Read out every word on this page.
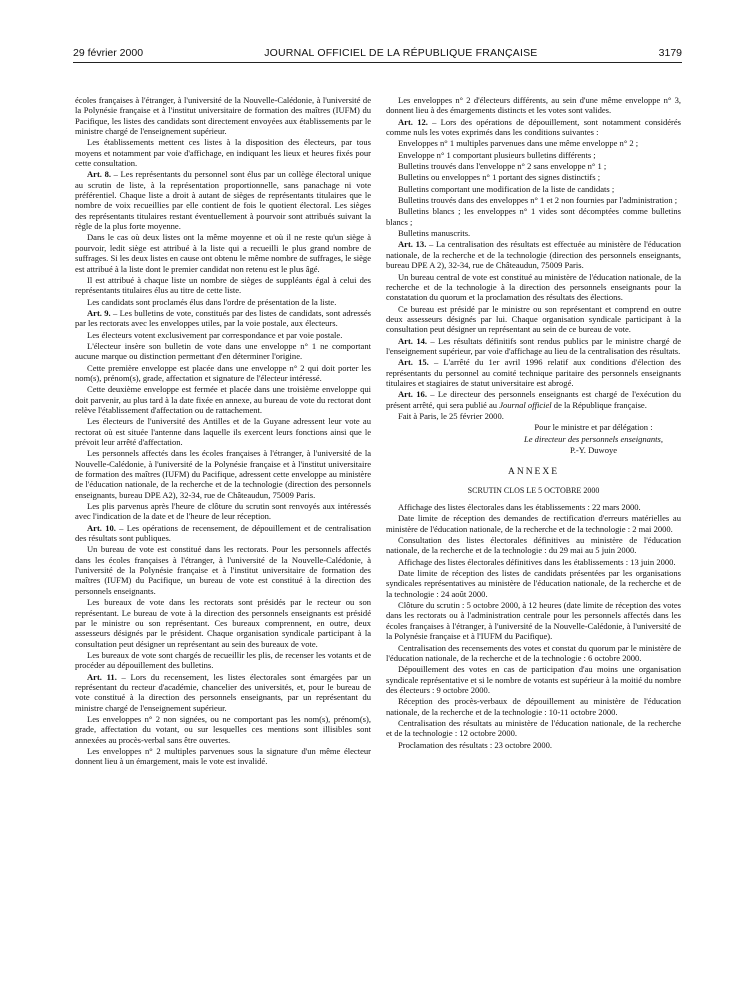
29 février 2000	JOURNAL OFFICIEL DE LA RÉPUBLIQUE FRANÇAISE	3179

écoles françaises à l'étranger, à l'université de la Nouvelle-Calédonie, à l'université de la Polynésie française et à l'institut universitaire de formation des maîtres (IUFM) du Pacifique, les listes des candidats sont directement envoyées aux établissements par le ministre chargé de l'enseignement supérieur.

Les établissements mettent ces listes à la disposition des électeurs, par tous moyens et notamment par voie d'affichage, en indiquant les lieux et heures fixés pour cette consultation.

Art. 8. – Les représentants du personnel sont élus par un collège électoral unique au scrutin de liste, à la représentation proportionnelle, sans panachage ni vote préférentiel. Chaque liste a droit à autant de sièges de représentants titulaires que le nombre de voix recueillies par elle contient de fois le quotient électoral. Les sièges des représentants titulaires restant éventuellement à pourvoir sont attribués suivant la règle de la plus forte moyenne.

Dans le cas où deux listes ont la même moyenne et où il ne reste qu'un siège à pourvoir, ledit siège est attribué à la liste qui a recueilli le plus grand nombre de suffrages. Si les deux listes en cause ont obtenu le même nombre de suffrages, le siège est attribué à la liste dont le premier candidat non retenu est le plus âgé.

Il est attribué à chaque liste un nombre de sièges de suppléants égal à celui des représentants titulaires élus au titre de cette liste.

Les candidats sont proclamés élus dans l'ordre de présentation de la liste.

Art. 9. – Les bulletins de vote, constitués par des listes de candidats, sont adressés par les rectorats avec les enveloppes utiles, par la voie postale, aux électeurs.

Les électeurs votent exclusivement par correspondance et par voie postale.

L'électeur insère son bulletin de vote dans une enveloppe n° 1 ne comportant aucune marque ou distinction permettant d'en déterminer l'origine.

Cette première enveloppe est placée dans une enveloppe n° 2 qui doit porter les nom(s), prénom(s), grade, affectation et signature de l'électeur intéressé.

Cette deuxième enveloppe est fermée et placée dans une troisième enveloppe qui doit parvenir, au plus tard à la date fixée en annexe, au bureau de vote du rectorat dont relève l'établissement d'affectation ou de rattachement.

Les électeurs de l'université des Antilles et de la Guyane adressent leur vote au rectorat où est située l'antenne dans laquelle ils exercent leurs fonctions ainsi que le prévoit leur arrêté d'affectation.

Les personnels affectés dans les écoles françaises à l'étranger, à l'université de la Nouvelle-Calédonie, à l'université de la Polynésie française et à l'institut universitaire de formation des maîtres (IUFM) du Pacifique, adressent cette enveloppe au ministère de l'éducation nationale, de la recherche et de la technologie (direction des personnels enseignants, bureau DPE A2), 32-34, rue de Châteaudun, 75009 Paris.

Les plis parvenus après l'heure de clôture du scrutin sont renvoyés aux intéressés avec l'indication de la date et de l'heure de leur réception.

Art. 10. – Les opérations de recensement, de dépouillement et de centralisation des résultats sont publiques.

Un bureau de vote est constitué dans les rectorats. Pour les personnels affectés dans les écoles françaises à l'étranger, à l'université de la Nouvelle-Calédonie, à l'université de la Polynésie française et à l'institut universitaire de formation des maîtres (IUFM) du Pacifique, un bureau de vote est constitué à la direction des personnels enseignants.

Les bureaux de vote dans les rectorats sont présidés par le recteur ou son représentant. Le bureau de vote à la direction des personnels enseignants est présidé par le ministre ou son représentant. Ces bureaux comprennent, en outre, deux assesseurs désignés par le président. Chaque organisation syndicale participant à la consultation peut désigner un représentant au sein des bureaux de vote.

Les bureaux de vote sont chargés de recueillir les plis, de recenser les votants et de procéder au dépouillement des bulletins.

Art. 11. – Lors du recensement, les listes électorales sont émargées par un représentant du recteur d'académie, chancelier des universités, et, pour le bureau de vote constitué à la direction des personnels enseignants, par un représentant du ministre chargé de l'enseignement supérieur.

Les enveloppes n° 2 non signées, ou ne comportant pas les nom(s), prénom(s), grade, affectation du votant, ou sur lesquelles ces mentions sont illisibles sont annexées au procès-verbal sans être ouvertes.

Les enveloppes n° 2 multiples parvenues sous la signature d'un même électeur donnent lieu à un émargement, mais le vote est invalidé.

Les enveloppes n° 2 d'électeurs différents, au sein d'une même enveloppe n° 3, donnent lieu à des émargements distincts et les votes sont valides.

Art. 12. – Lors des opérations de dépouillement, sont notamment considérés comme nuls les votes exprimés dans les conditions suivantes :

Enveloppes n° 1 multiples parvenues dans une même enveloppe n° 2 ;

Enveloppe n° 1 comportant plusieurs bulletins différents ;

Bulletins trouvés dans l'enveloppe n° 2 sans enveloppe n° 1 ;

Bulletins ou enveloppes n° 1 portant des signes distinctifs ;

Bulletins comportant une modification de la liste de candidats ;

Bulletins trouvés dans des enveloppes n° 1 et 2 non fournies par l'administration ;

Bulletins blancs ; les enveloppes n° 1 vides sont décomptées comme bulletins blancs ;

Bulletins manuscrits.

Art. 13. – La centralisation des résultats est effectuée au ministère de l'éducation nationale, de la recherche et de la technologie (direction des personnels enseignants, bureau DPE A 2), 32-34, rue de Châteaudun, 75009 Paris.

Un bureau central de vote est constitué au ministère de l'éducation nationale, de la recherche et de la technologie à la direction des personnels enseignants pour la constatation du quorum et la proclamation des résultats des élections.

Ce bureau est présidé par le ministre ou son représentant et comprend en outre deux assesseurs désignés par lui. Chaque organisation syndicale participant à la consultation peut désigner un représentant au sein de ce bureau de vote.

Art. 14. – Les résultats définitifs sont rendus publics par le ministre chargé de l'enseignement supérieur, par voie d'affichage au lieu de la centralisation des résultats.

Art. 15. – L'arrêté du 1er avril 1996 relatif aux conditions d'élection des représentants du personnel au comité technique paritaire des personnels enseignants titulaires et stagiaires de statut universitaire est abrogé.

Art. 16. – Le directeur des personnels enseignants est chargé de l'exécution du présent arrêté, qui sera publié au Journal officiel de la République française.

Fait à Paris, le 25 février 2000.

Pour le ministre et par délégation :

Le directeur des personnels enseignants,

P.-Y. Duwoye

ANNEXE

SCRUTIN CLOS LE 5 OCTOBRE 2000

Affichage des listes électorales dans les établissements : 22 mars 2000.

Date limite de réception des demandes de rectification d'erreurs matérielles au ministère de l'éducation nationale, de la recherche et de la technologie : 2 mai 2000.

Consultation des listes électorales définitives au ministère de l'éducation nationale, de la recherche et de la technologie : du 29 mai au 5 juin 2000.

Affichage des listes électorales définitives dans les établissements : 13 juin 2000.

Date limite de réception des listes de candidats présentées par les organisations syndicales représentatives au ministère de l'éducation nationale, de la recherche et de la technologie : 24 août 2000.

Clôture du scrutin : 5 octobre 2000, à 12 heures (date limite de réception des votes dans les rectorats ou à l'administration centrale pour les personnels affectés dans les écoles françaises à l'étranger, à l'université de la Nouvelle-Calédonie, à l'université de la Polynésie française et à l'IUFM du Pacifique).

Centralisation des recensements des votes et constat du quorum par le ministère de l'éducation nationale, de la recherche et de la technologie : 6 octobre 2000.

Dépouillement des votes en cas de participation d'au moins une organisation syndicale représentative et si le nombre de votants est supérieur à la moitié du nombre des électeurs : 9 octobre 2000.

Réception des procès-verbaux de dépouillement au ministère de l'éducation nationale, de la recherche et de la technologie : 10-11 octobre 2000.

Centralisation des résultats au ministère de l'éducation nationale, de la recherche et de la technologie : 12 octobre 2000.

Proclamation des résultats : 23 octobre 2000.
